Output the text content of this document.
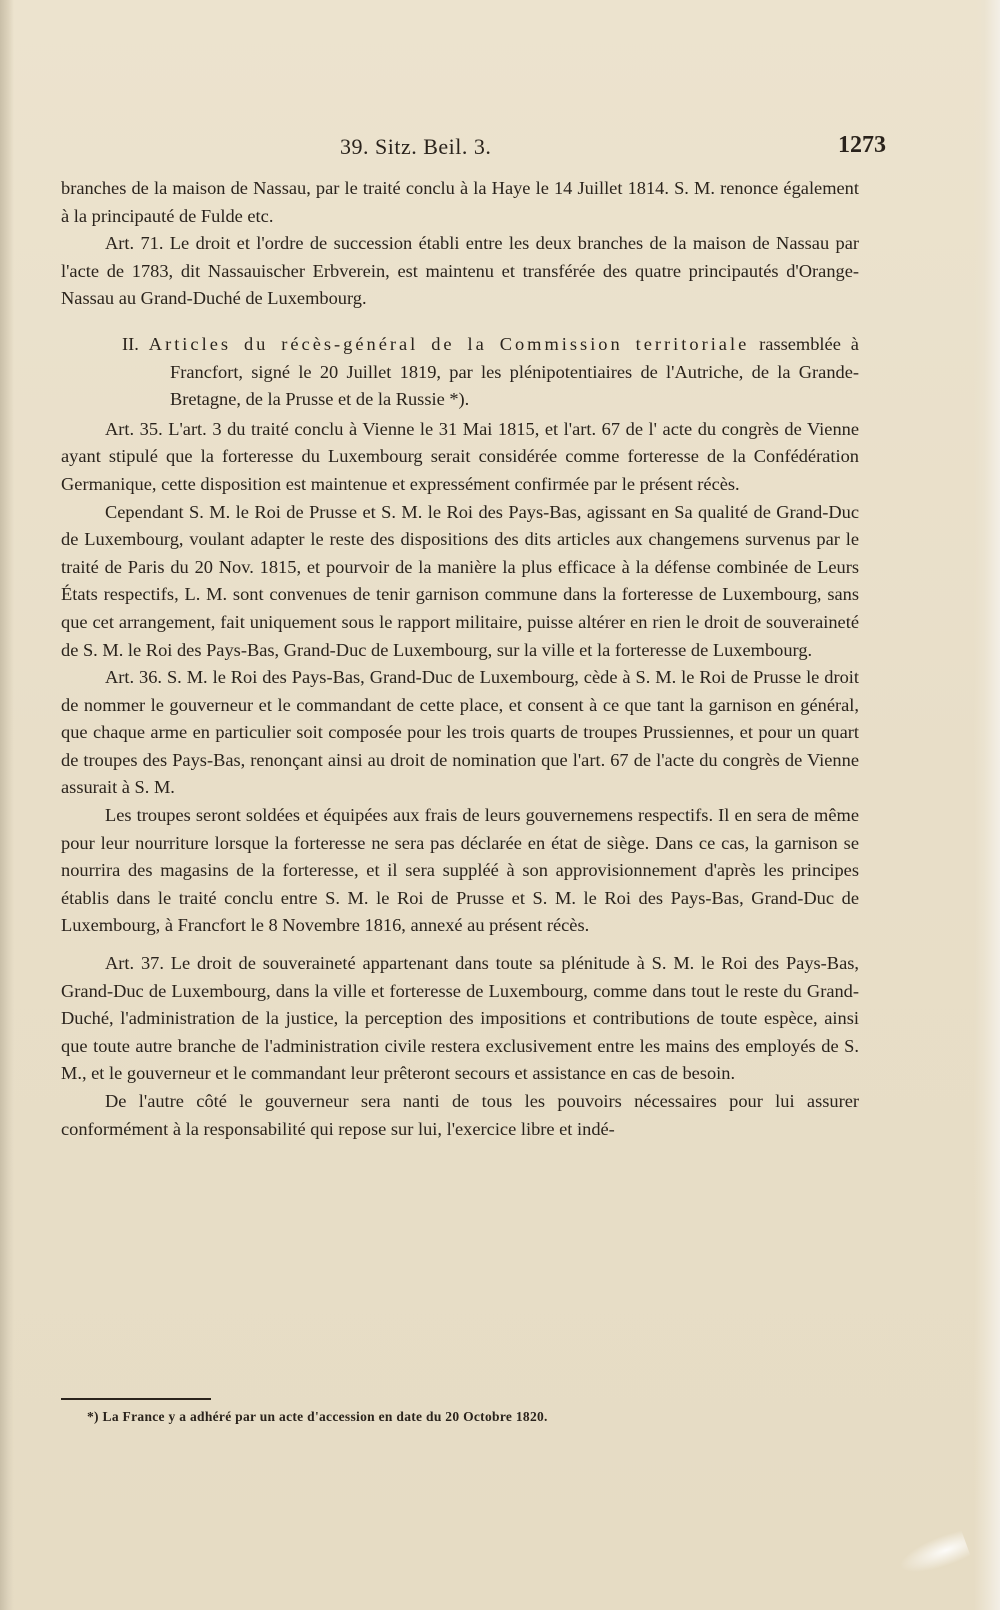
39. Sitz. Beil. 3.	1273

branches de la maison de Nassau, par le traité conclu à la Haye le 14 Juillet 1814. S. M. renonce également à la principauté de Fulde etc.

Art. 71. Le droit et l'ordre de succession établi entre les deux branches de la maison de Nassau par l'acte de 1783, dit Nassauischer Erbverein, est maintenu et transférée des quatre principautés d'Orange-Nassau au Grand-Duché de Luxembourg.

II. Articles du récès-général de la Commission territoriale rassemblée à Francfort, signé le 20 Juillet 1819, par les plénipotentiaires de l'Autriche, de la Grande-Bretagne, de la Prusse et de la Russie *).

Art. 35. L'art. 3 du traité conclu à Vienne le 31 Mai 1815, et l'art. 67 de l' acte du congrès de Vienne ayant stipulé que la forteresse du Luxembourg serait considérée comme forteresse de la Confédération Germanique, cette disposition est maintenue et expressément confirmée par le présent récès.

Cependant S. M. le Roi de Prusse et S. M. le Roi des Pays-Bas, agissant en Sa qualité de Grand-Duc de Luxembourg, voulant adapter le reste des dispositions des dits articles aux changemens survenus par le traité de Paris du 20 Nov. 1815, et pourvoir de la manière la plus efficace à la défense combinée de Leurs États respectifs, L. M. sont convenues de tenir garnison commune dans la forteresse de Luxembourg, sans que cet arrangement, fait uniquement sous le rapport militaire, puisse altérer en rien le droit de souveraineté de S. M. le Roi des Pays-Bas, Grand-Duc de Luxembourg, sur la ville et la forteresse de Luxembourg.

Art. 36. S. M. le Roi des Pays-Bas, Grand-Duc de Luxembourg, cède à S. M. le Roi de Prusse le droit de nommer le gouverneur et le commandant de cette place, et consent à ce que tant la garnison en général, que chaque arme en particulier soit composée pour les trois quarts de troupes Prussiennes, et pour un quart de troupes des Pays-Bas, renonçant ainsi au droit de nomination que l'art. 67 de l'acte du congrès de Vienne assurait à S. M.

Les troupes seront soldées et équipées aux frais de leurs gouvernemens respectifs. Il en sera de même pour leur nourriture lorsque la forteresse ne sera pas déclarée en état de siège. Dans ce cas, la garnison se nourrira des magasins de la forteresse, et il sera suppléé à son approvisionnement d'après les principes établis dans le traité conclu entre S. M. le Roi de Prusse et S. M. le Roi des Pays-Bas, Grand-Duc de Luxembourg, à Francfort le 8 Novembre 1816, annexé au présent récès.

Art. 37. Le droit de souveraineté appartenant dans toute sa plénitude à S. M. le Roi des Pays-Bas, Grand-Duc de Luxembourg, dans la ville et forteresse de Luxembourg, comme dans tout le reste du Grand-Duché, l'administration de la justice, la perception des impositions et contributions de toute espèce, ainsi que toute autre branche de l'administration civile restera exclusivement entre les mains des employés de S. M., et le gouverneur et le commandant leur prêteront secours et assistance en cas de besoin.

De l'autre côté le gouverneur sera nanti de tous les pouvoirs nécessaires pour lui assurer conformément à la responsabilité qui repose sur lui, l'exercice libre et indé-

*) La France y a adhéré par un acte d'accession en date du 20 Octobre 1820.
